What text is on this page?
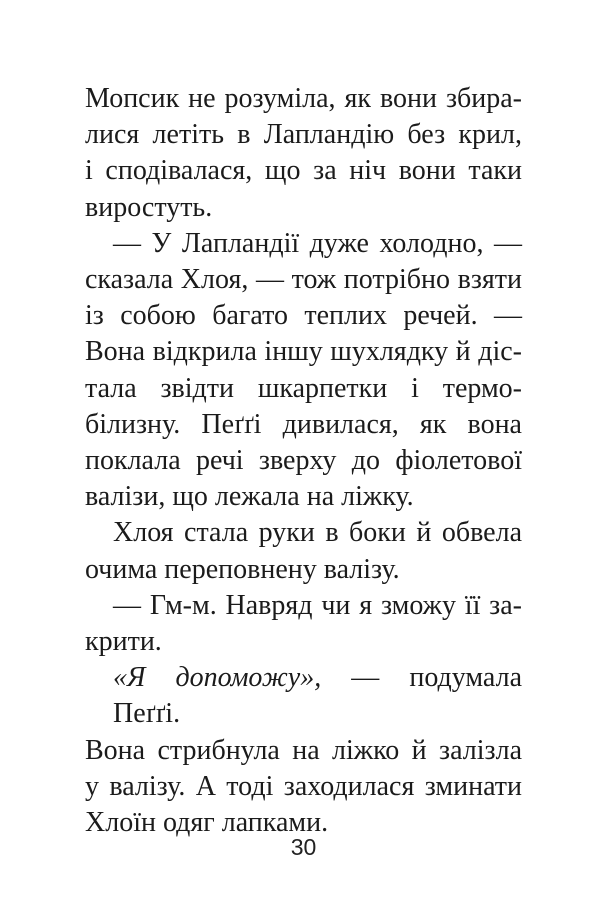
Мопсик не розуміла, як вони збира-
лися летіть в Лапландію без крил,
і сподівалася, що за ніч вони таки
виростуть.

— У Лапландії дуже холодно, —
сказала Хлоя, — тож потрібно взяти
із собою багато теплих речей. —
Вона відкрила іншу шухлядку й діс-
тала звідти шкарпетки і термо-
білизну. Пеґґі дивилася, як вона
поклала речі зверху до фіолетової
валізи, що лежала на ліжку.

Хлоя стала руки в боки й обвела
очима переповнену валізу.

— Гм-м. Навряд чи я зможу її за-
крити.

«Я допоможу», — подумала Пеґґі.
Вона стрибнула на ліжко й залізла
у валізу. А тоді заходилася зминати
Хлоїн одяг лапками.

30
